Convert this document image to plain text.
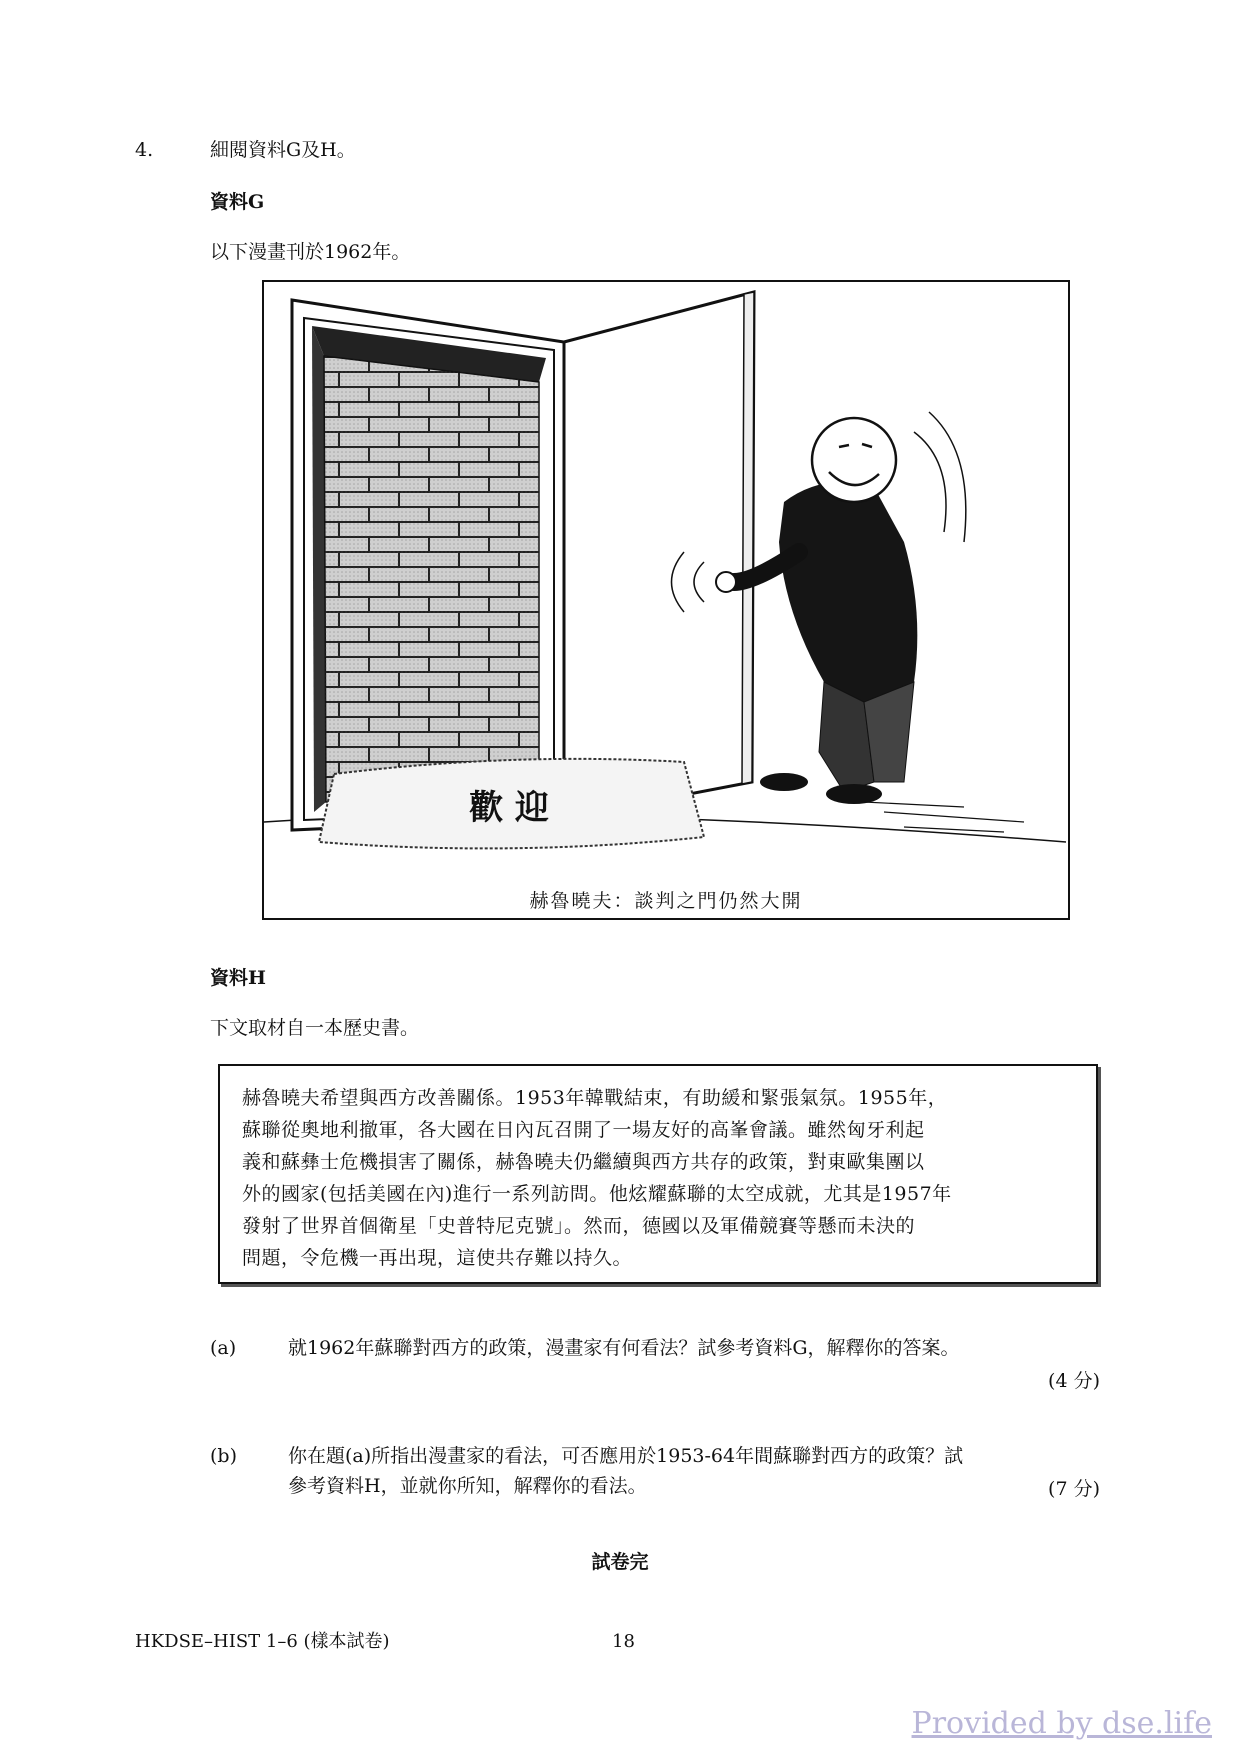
4.	細閱資料G及H。
資料G
以下漫畫刊於1962年。
歡 迎
赫魯曉夫：談判之門仍然大開
資料H
下文取材自一本歷史書。

赫魯曉夫希望與西方改善關係。1953年韓戰結束，有助緩和緊張氣氛。1955年，

蘇聯從奧地利撤軍，各大國在日內瓦召開了一場友好的高峯會議。雖然匈牙利起

義和蘇彝士危機損害了關係，赫魯曉夫仍繼續與西方共存的政策，對東歐集團以

外的國家(包括美國在內)進行一系列訪問。他炫耀蘇聯的太空成就，尤其是1957年

發射了世界首個衛星「史普特尼克號」。然而，德國以及軍備競賽等懸而未決的

問題，令危機一再出現，這使共存難以持久。

(a)	就1962年蘇聯對西方的政策，漫畫家有何看法？試參考資料G，解釋你的答案。
(4 分)
(b)	你在題(a)所指出漫畫家的看法，可否應用於1953-64年間蘇聯對西方的政策？試
參考資料H，並就你所知，解釋你的看法。	(7 分)
試卷完
HKDSE–HIST 1–6 (樣本試卷)	18
Provided by dse.life
